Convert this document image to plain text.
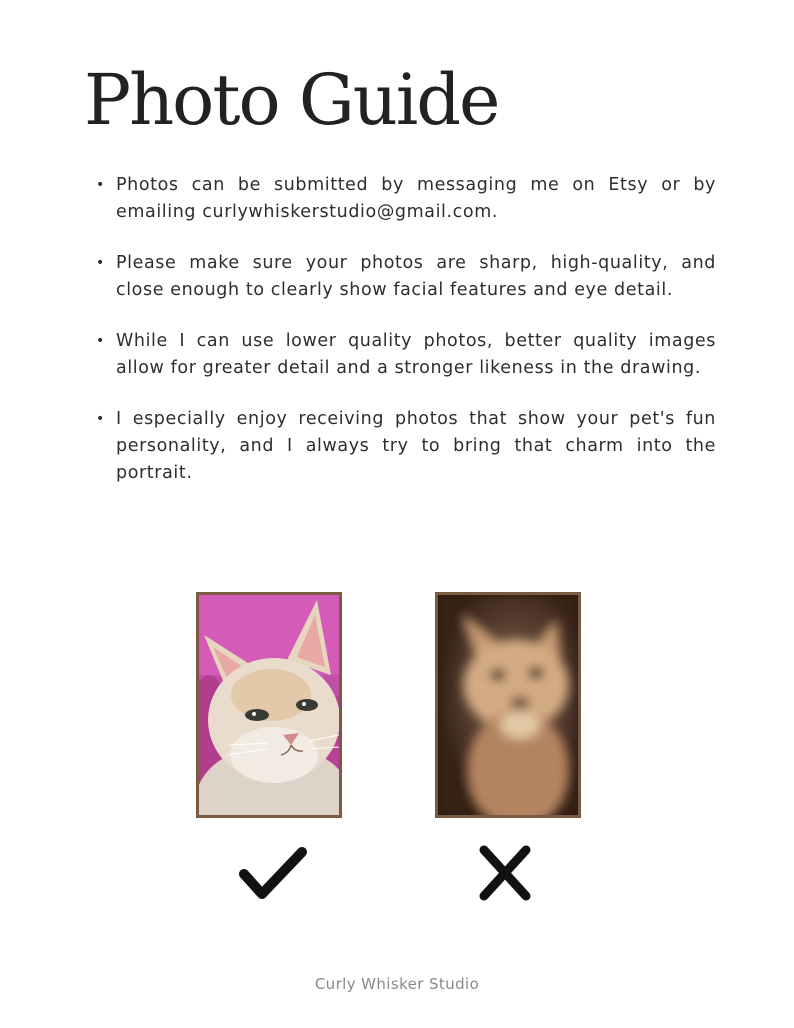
Photo Guide
• Photos can be submitted by messaging me on Etsy or by emailing curlywhiskerstudio@gmail.com.
• Please make sure your photos are sharp, high-quality, and close enough to clearly show facial features and eye detail.
• While I can use lower quality photos, better quality images allow for greater detail and a stronger likeness in the drawing.
• I especially enjoy receiving photos that show your pet's fun personality, and I always try to bring that charm into the portrait.
Curly Whisker Studio
